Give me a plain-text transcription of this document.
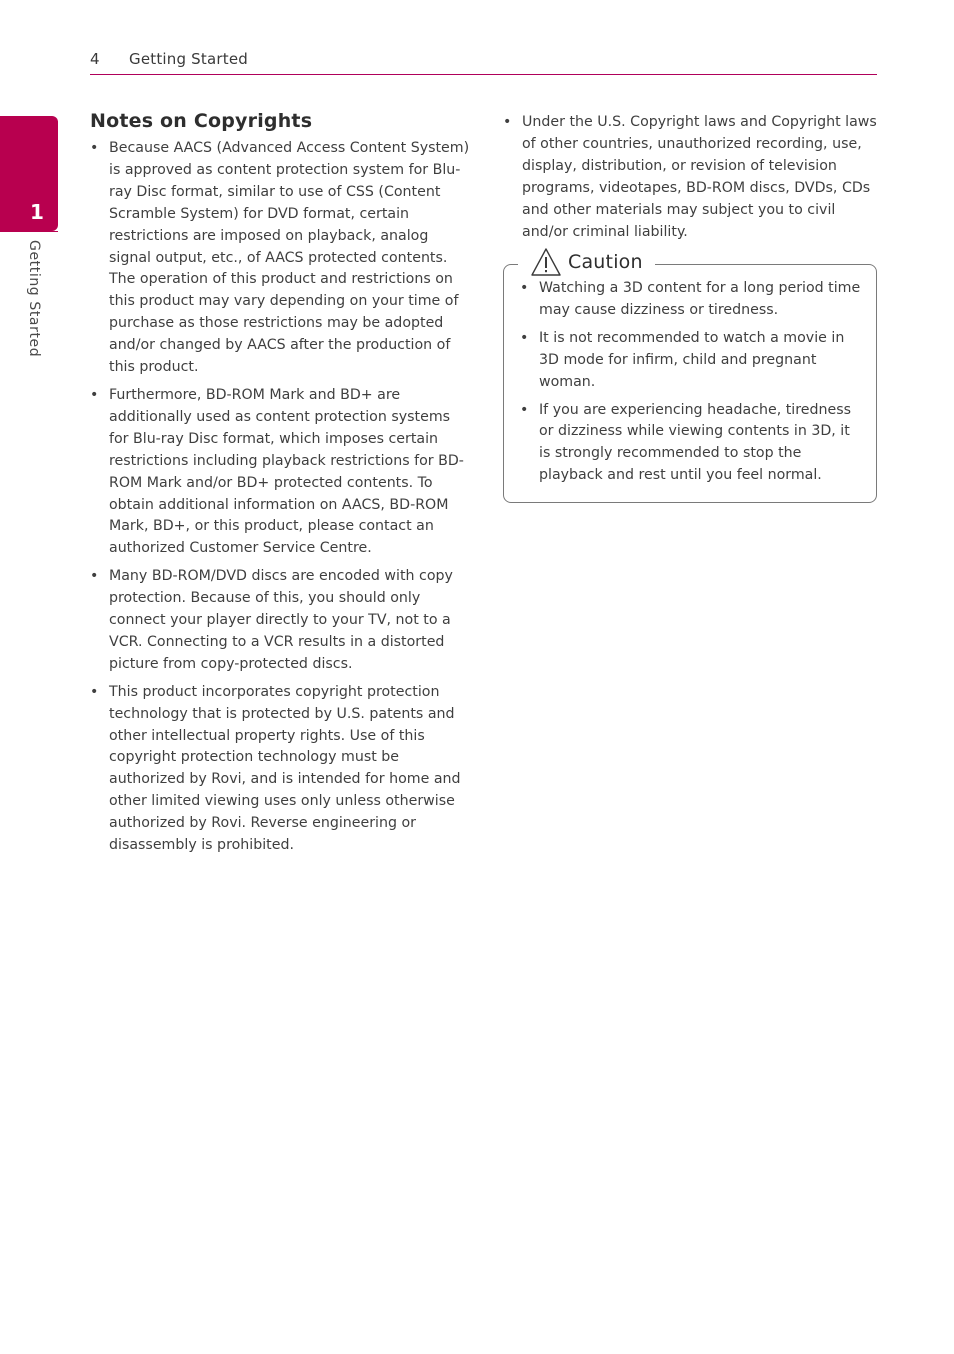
4 Getting Started
1
Getting Started
Notes on Copyrights
• Because AACS (Advanced Access Content System) is approved as content protection system for Blu-ray Disc format, similar to use of CSS (Content Scramble System) for DVD format, certain restrictions are imposed on playback, analog signal output, etc., of AACS protected contents. The operation of this product and restrictions on this product may vary depending on your time of purchase as those restrictions may be adopted and/or changed by AACS after the production of this product.
• Furthermore, BD-ROM Mark and BD+ are additionally used as content protection systems for Blu-ray Disc format, which imposes certain restrictions including playback restrictions for BD-ROM Mark and/or BD+ protected contents. To obtain additional information on AACS, BD-ROM Mark, BD+, or this product, please contact an authorized Customer Service Centre.
• Many BD-ROM/DVD discs are encoded with copy protection. Because of this, you should only connect your player directly to your TV, not to a VCR. Connecting to a VCR results in a distorted picture from copy-protected discs.
• This product incorporates copyright protection technology that is protected by U.S. patents and other intellectual property rights. Use of this copyright protection technology must be authorized by Rovi, and is intended for home and other limited viewing uses only unless otherwise authorized by Rovi. Reverse engineering or disassembly is prohibited.
• Under the U.S. Copyright laws and Copyright laws of other countries, unauthorized recording, use, display, distribution, or revision of television programs, videotapes, BD-ROM discs, DVDs, CDs and other materials may subject you to civil and/or criminal liability.
Caution
• Watching a 3D content for a long period time may cause dizziness or tiredness.
• It is not recommended to watch a movie in 3D mode for infirm, child and pregnant woman.
• If you are experiencing headache, tiredness or dizziness while viewing contents in 3D, it is strongly recommended to stop the playback and rest until you feel normal.
